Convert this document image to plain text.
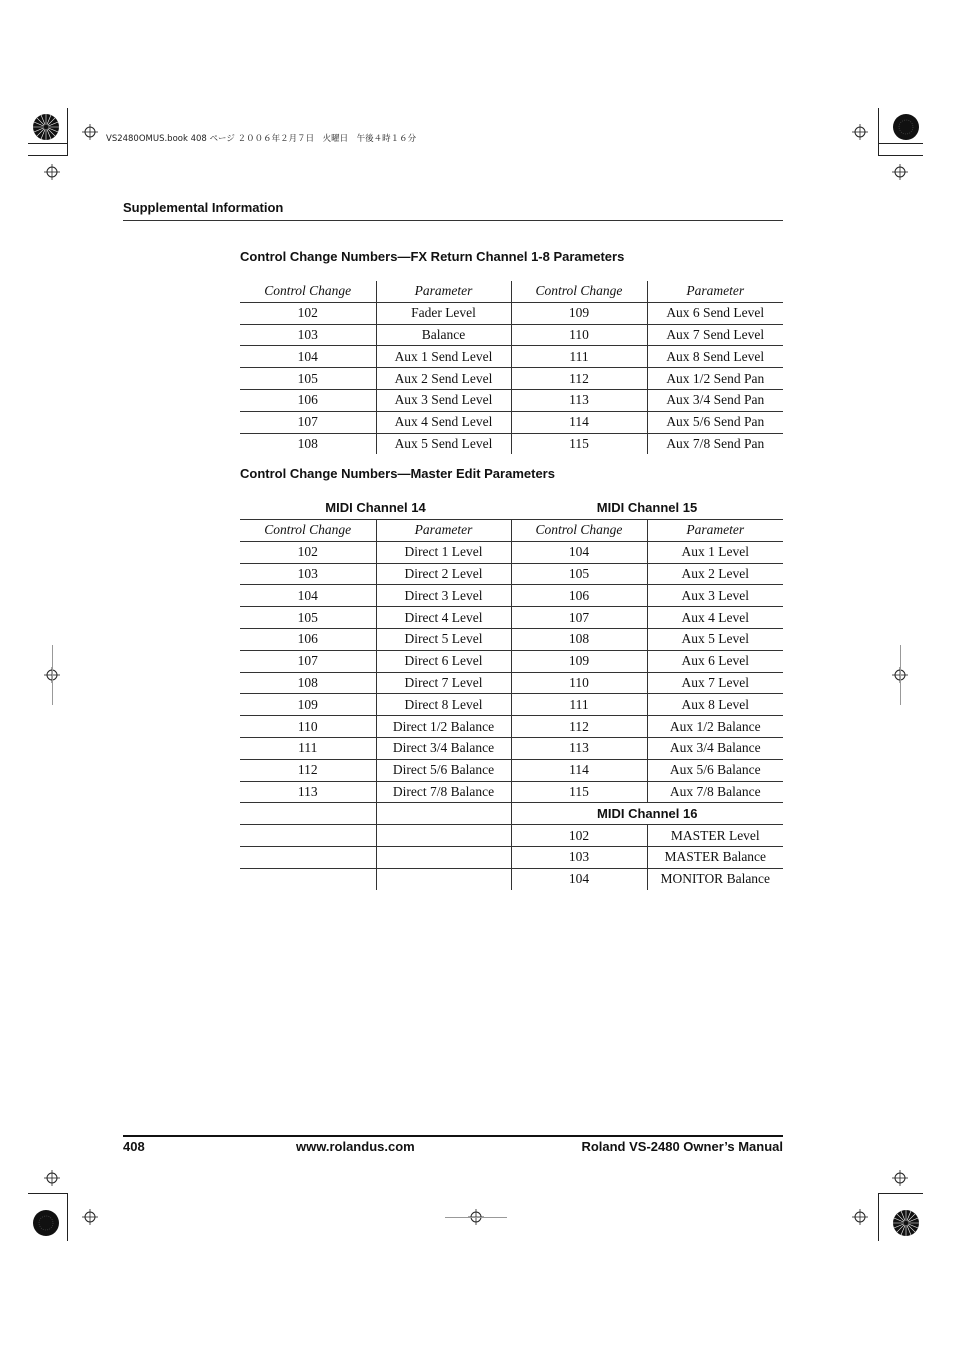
VS2480OMUS.book 408 ページ ２００６年２月７日　火曜日　午後４時１６分
Supplemental Information
Control Change Numbers—FX Return Channel 1-8 Parameters
Control Change	Parameter	Control Change	Parameter
102	Fader Level	109	Aux 6 Send Level
103	Balance	110	Aux 7 Send Level
104	Aux 1 Send Level	111	Aux 8 Send Level
105	Aux 2 Send Level	112	Aux 1/2 Send Pan
106	Aux 3 Send Level	113	Aux 3/4 Send Pan
107	Aux 4 Send Level	114	Aux 5/6 Send Pan
108	Aux 5 Send Level	115	Aux 7/8 Send Pan
Control Change Numbers—Master Edit Parameters
MIDI Channel 14	MIDI Channel 15
Control Change	Parameter	Control Change	Parameter
102	Direct 1 Level	104	Aux 1 Level
103	Direct 2 Level	105	Aux 2 Level
104	Direct 3 Level	106	Aux 3 Level
105	Direct 4 Level	107	Aux 4 Level
106	Direct 5 Level	108	Aux 5 Level
107	Direct 6 Level	109	Aux 6 Level
108	Direct 7 Level	110	Aux 7 Level
109	Direct 8 Level	111	Aux 8 Level
110	Direct 1/2 Balance	112	Aux 1/2 Balance
111	Direct 3/4 Balance	113	Aux 3/4 Balance
112	Direct 5/6 Balance	114	Aux 5/6 Balance
113	Direct 7/8 Balance	115	Aux 7/8 Balance
		MIDI Channel 16	
		102	MASTER Level
		103	MASTER Balance
		104	MONITOR Balance
408	www.rolandus.com	Roland VS-2480 Owner’s Manual
